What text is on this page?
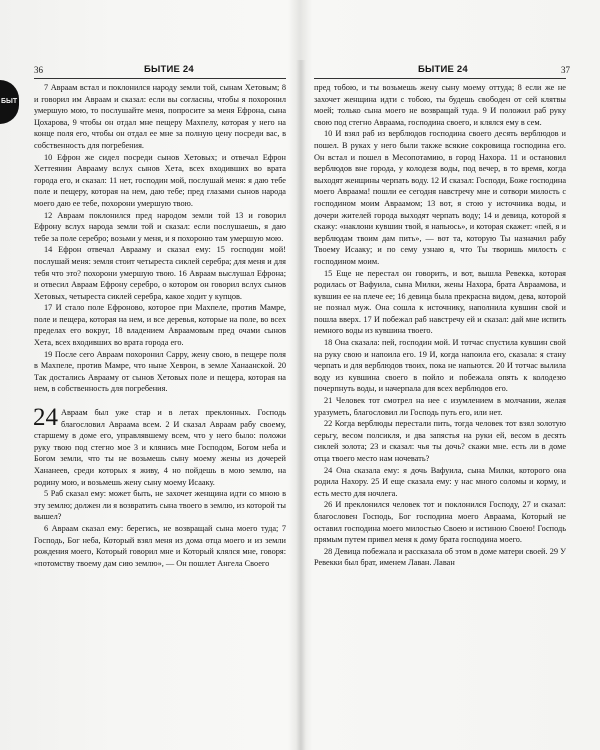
БЫТ
36	БЫТИЕ 24

7 Авраам встал и поклонился народу земли той, сынам Хетовым; 8 и говорил им Авраам и сказал: если вы согласны, чтобы я похоронил умершую мою, то послушайте меня, попросите за меня Ефрона, сына Цохарова, 9 чтобы он отдал мне пещеру Махпелу, которая у него на конце поля его, чтобы он отдал ее мне за полную цену посреди вас, в собственность для погребения.

10 Ефрон же сидел посреди сынов Хетовых; и отвечал Ефрон Хеттеянин Аврааму вслух сынов Хета, всех входивших во врата города его, и сказал: 11 нет, господин мой, послушай меня: я даю тебе поле и пещеру, которая на нем, даю тебе; пред глазами сынов народа моего даю ее тебе, похорони умершую твою.

12 Авраам поклонился пред народом земли той 13 и говорил Ефрону вслух народа земли той и сказал: если послушаешь, я даю тебе за поле серебро; возьми у меня, и я похороню там умершую мою.

14 Ефрон отвечал Аврааму и сказал ему: 15 господин мой! послушай меня: земля стоит четыреста сиклей серебра; для меня и для тебя что это? похорони умершую твою. 16 Авраам выслушал Ефрона; и отвесил Авраам Ефрону серебро, о котором он говорил вслух сынов Хетовых, четыреста сиклей серебра, какое ходит у купцов.

17 И стало поле Ефроново, которое при Махпеле, против Мамре, поле и пещера, которая на нем, и все деревья, которые на поле, во всех пределах его вокруг, 18 владением Авраамовым пред очами сынов Хета, всех входивших во врата города его.

19 После сего Авраам похоронил Сарру, жену свою, в пещере поля в Махпеле, против Мамре, что ныне Хеврон, в земле Ханаанской. 20 Так достались Аврааму от сынов Хетовых поле и пещера, которая на нем, в собственность для погребения.

24 Авраам был уже стар и в летах преклонных. Господь благословил Авраама всем. 2 И сказал Авраам рабу своему, старшему в доме его, управлявшему всем, что у него было: положи руку твою под стегно мое 3 и клянись мне Господом, Богом неба и Богом земли, что ты не возьмешь сыну моему жены из дочерей Хананеев, среди которых я живу, 4 но пойдешь в мою землю, на родину мою, и возьмешь жену сыну моему Исааку.

5 Раб сказал ему: может быть, не захочет женщина идти со мною в эту землю; должен ли я возвратить сына твоего в землю, из которой ты вышел?

6 Авраам сказал ему: берегись, не возвращай сына моего туда; 7 Господь, Бог неба, Который взял меня из дома отца моего и из земли рождения моего, Который говорил мне и Который клялся мне, говоря: «потомству твоему дам сию землю», — Он пошлет Ангела Своего

БЫТИЕ 24	37

пред тобою, и ты возьмешь жену сыну моему оттуда; 8 если же не захочет женщина идти с тобою, ты будешь свободен от сей клятвы моей; только сына моего не возвращай туда. 9 И положил раб руку свою под стегно Авраама, господина своего, и клялся ему в сем.

10 И взял раб из верблюдов господина своего десять верблюдов и пошел. В руках у него были также всякие сокровища господина его. Он встал и пошел в Месопотамию, в город Нахора. 11 и остановил верблюдов вне города, у колодезя воды, под вечер, в то время, когда выходят женщины черпать воду. 12 И сказал: Господи, Боже господина моего Авраама! пошли ее сегодня навстречу мне и сотвори милость с господином моим Авраамом; 13 вот, я стою у источника воды, и дочери жителей города выходят черпать воду; 14 и девица, которой я скажу: «наклони кувшин твой, я напьюсь», и которая скажет: «пей, я и верблюдам твоим дам пить», — вот та, которую Ты назначил рабу Твоему Исааку; и по сему узнаю я, что Ты творишь милость с господином моим.

15 Еще не перестал он говорить, и вот, вышла Ревекка, которая родилась от Вафуила, сына Милки, жены Нахора, брата Авраамова, и кувшин ее на плече ее; 16 девица была прекрасна видом, дева, которой не познал муж. Она сошла к источнику, наполнила кувшин свой и пошла вверх. 17 И побежал раб навстречу ей и сказал: дай мне испить немного воды из кувшина твоего.

18 Она сказала: пей, господин мой. И тотчас спустила кувшин свой на руку свою и напоила его. 19 И, когда напоила его, сказала: я стану черпать и для верблюдов твоих, пока не напьются. 20 И тотчас вылила воду из кувшина своего в пойло и побежала опять к колодезю почерпнуть воды, и начерпала для всех верблюдов его.

21 Человек тот смотрел на нее с изумлением в молчании, желая уразуметь, благословил ли Господь путь его, или нет.

22 Когда верблюды перестали пить, тогда человек тот взял золотую серьгу, весом полсикля, и два запястья на руки ей, весом в десять сиклей золота; 23 и сказал: чья ты дочь? скажи мне. есть ли в доме отца твоего место нам ночевать?

24 Она сказала ему: я дочь Вафуила, сына Милки, которого она родила Нахору. 25 И еще сказала ему: у нас много соломы и корму, и есть место для ночлега.

26 И преклонился человек тот и поклонился Господу, 27 и сказал: благословен Господь, Бог господина моего Авраама, Который не оставил господина моего милостью Своею и истиною Своею! Господь прямым путем привел меня к дому брата господина моего.

28 Девица побежала и рассказала об этом в доме матери своей. 29 У Ревекки был брат, именем Лаван. Лаван
